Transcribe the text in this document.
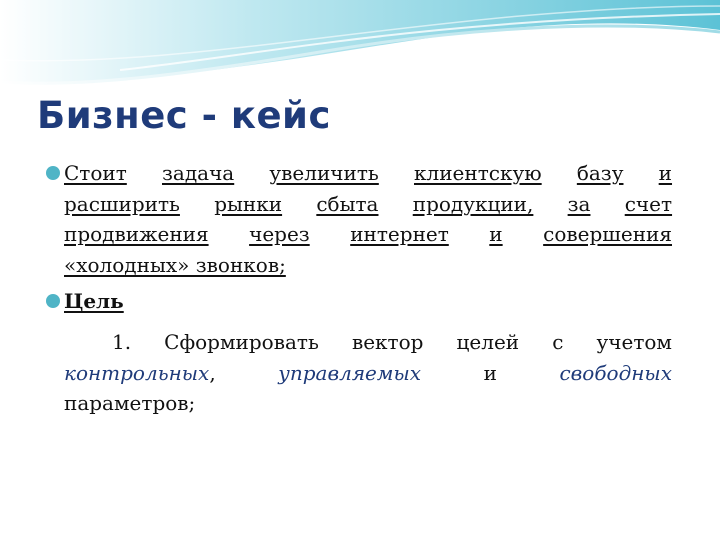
Бизнес - кейс
Стоит задача увеличить клиентскую базу и
расширить рынки сбыта продукции, за счет
продвижения через интернет и совершения
«холодных» звонков;
Цель
1. Сформировать вектор целей с учетом
контрольных,	управляемых	и	свободных
параметров;
